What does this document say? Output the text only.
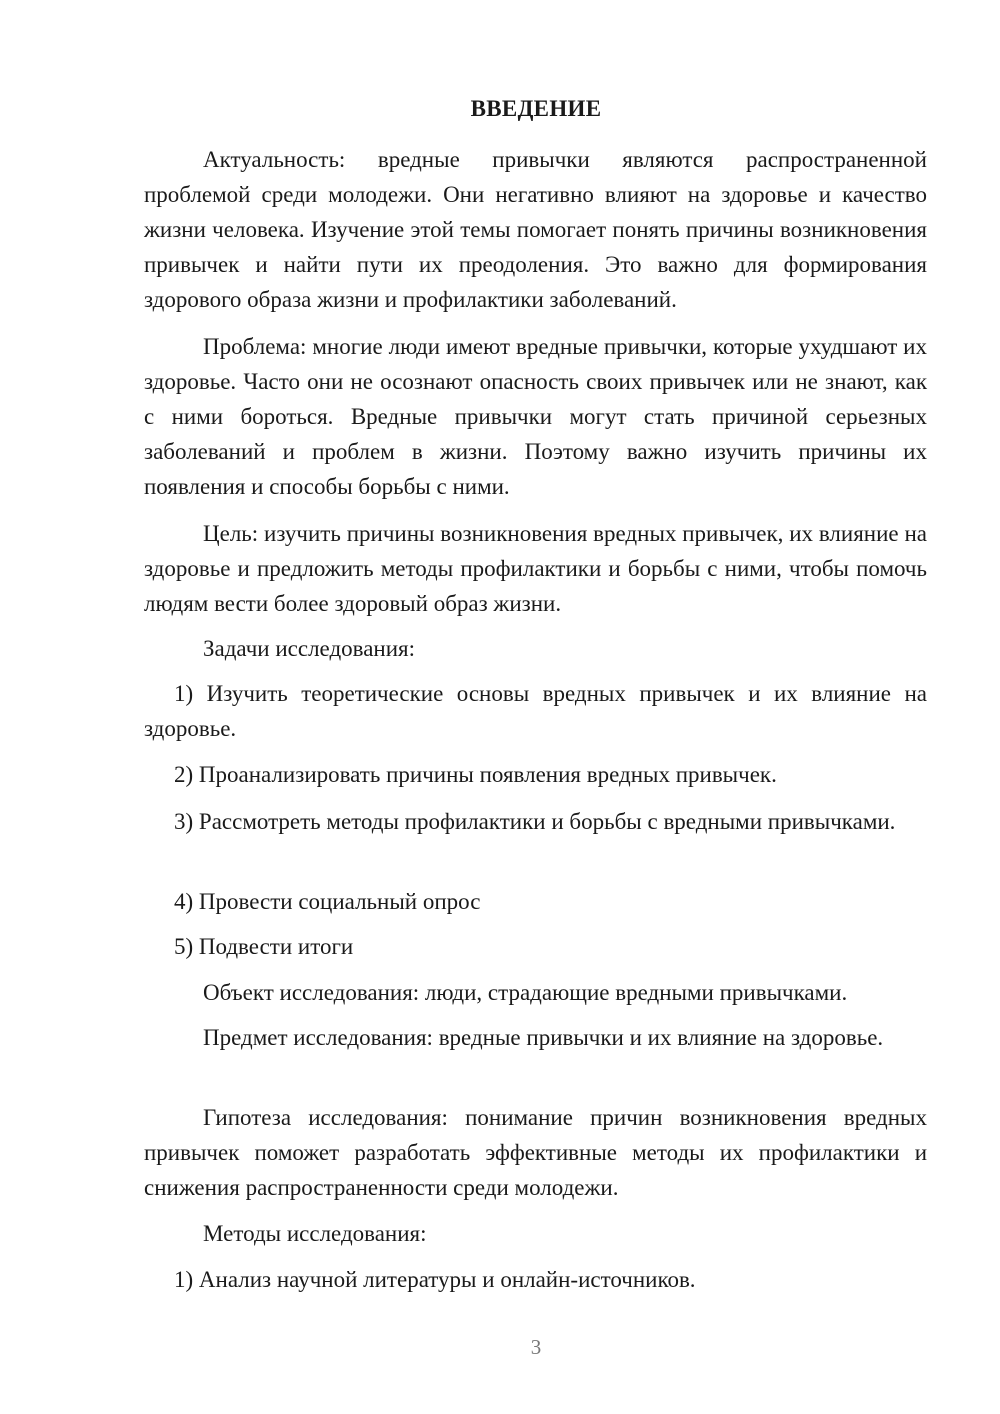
ВВЕДЕНИЕ

Актуальность: вредные привычки являются распространенной проблемой среди молодежи. Они негативно влияют на здоровье и качество жизни человека. Изучение этой темы помогает понять причины возникновения привычек и найти пути их преодоления. Это важно для формирования здорового образа жизни и профилактики заболеваний.

Проблема: многие люди имеют вредные привычки, которые ухудшают их здоровье. Часто они не осознают опасность своих привычек или не знают, как с ними бороться. Вредные привычки могут стать причиной серьезных заболеваний и проблем в жизни. Поэтому важно изучить причины их появления и способы борьбы с ними.

Цель: изучить причины возникновения вредных привычек, их влияние на здоровье и предложить методы профилактики и борьбы с ними, чтобы помочь людям вести более здоровый образ жизни.

Задачи исследования:

1) Изучить теоретические основы вредных привычек и их влияние на здоровье.

2) Проанализировать причины появления вредных привычек.

3) Рассмотреть методы профилактики и борьбы с вредными привычками.

4) Провести социальный опрос

5) Подвести итоги

Объект исследования: люди, страдающие вредными привычками.

Предмет исследования: вредные привычки и их влияние на здоровье.

Гипотеза исследования: понимание причин возникновения вредных привычек поможет разработать эффективные методы их профилактики и снижения распространенности среди молодежи.

Методы исследования:

1) Анализ научной литературы и онлайн-источников.

3
